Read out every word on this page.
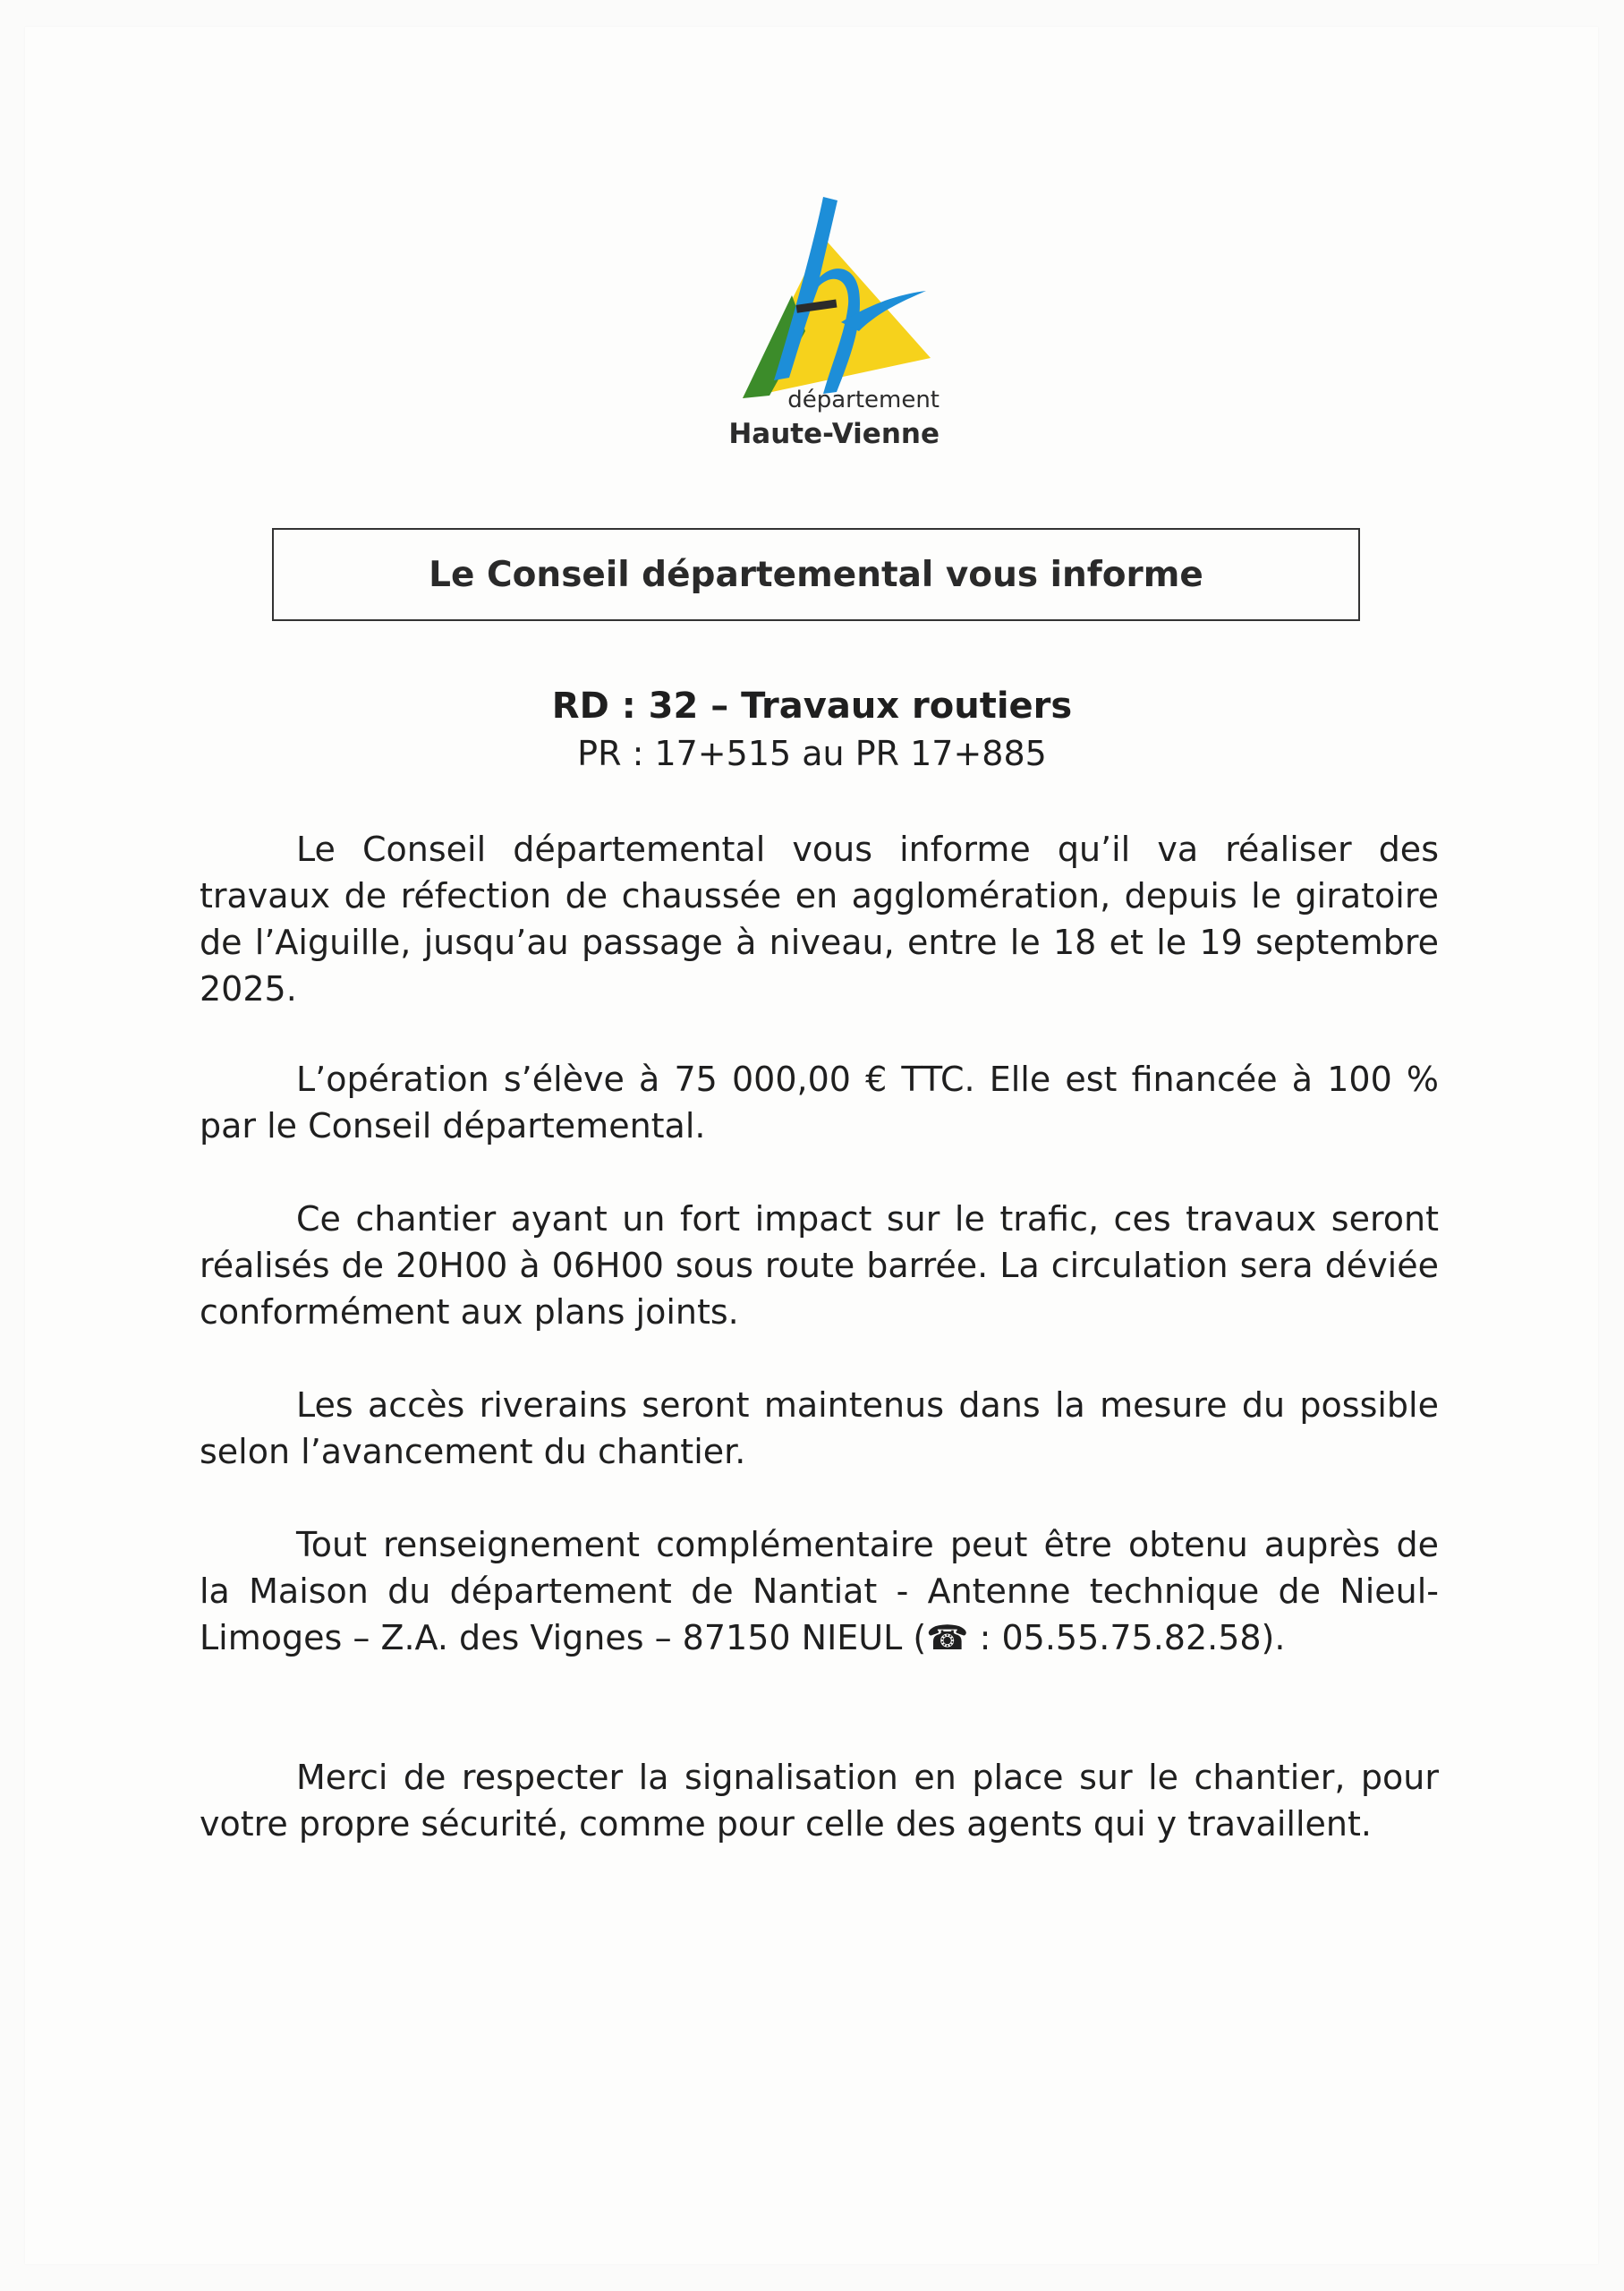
département
Haute-Vienne
Le Conseil départemental vous informe
RD : 32 – Travaux routiers
PR : 17+515 au PR 17+885

Le Conseil départemental vous informe qu’il va réaliser des travaux de réfection de chaussée en agglomération, depuis le giratoire de l’Aiguille, jusqu’au passage à niveau, entre le 18 et le 19 septembre 2025.

L’opération s’élève à 75 000,00 € TTC. Elle est financée à 100 % par le Conseil départemental.

Ce chantier ayant un fort impact sur le trafic, ces travaux seront réalisés de 20H00 à 06H00 sous route barrée. La circulation sera déviée conformément aux plans joints.

Les accès riverains seront maintenus dans la mesure du possible selon l’avancement du chantier.

Tout renseignement complémentaire peut être obtenu auprès de la Maison du département de Nantiat - Antenne technique de Nieul-Limoges – Z.A. des Vignes – 87150 NIEUL (☎ : 05.55.75.82.58).

Merci de respecter la signalisation en place sur le chantier, pour votre propre sécurité, comme pour celle des agents qui y travaillent.
